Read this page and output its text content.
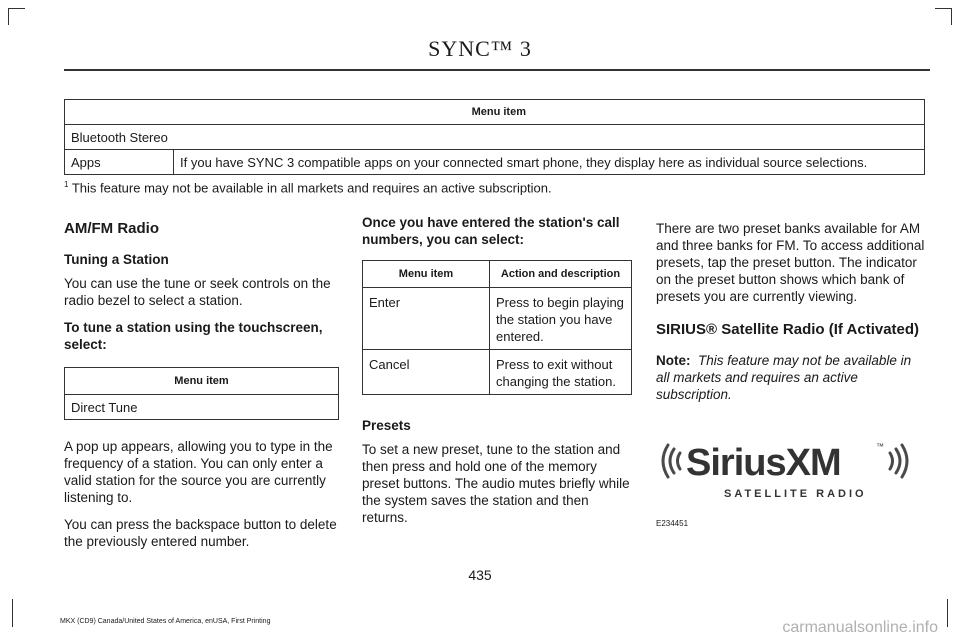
SYNC™ 3
Menu item
Bluetooth Stereo
Apps	If you have SYNC 3 compatible apps on your connected smart phone, they display here as individual source selections.
$^1$ This feature may not be available in all markets and requires an active subscription.
AM/FM Radio
Tuning a Station

You can use the tune or seek controls on the radio bezel to select a station.

To tune a station using the touchscreen, select:

Menu item
Direct Tune

A pop up appears, allowing you to type in the frequency of a station. You can only enter a valid station for the source you are currently listening to.

You can press the backspace button to delete the previously entered number.

Once you have entered the station's call numbers, you can select:

Menu item	Action and description
Enter	Press to begin playing the station you have entered.
Cancel	Press to exit without changing the station.
Presets

To set a new preset, tune to the station and then press and hold one of the memory preset buttons. The audio mutes briefly while the system saves the station and then returns.

There are two preset banks available for AM and three banks for FM. To access additional presets, tap the preset button. The indicator on the preset button shows which bank of presets you are currently viewing.

SIRIUS® Satellite Radio (If Activated)

Note: This feature may not be available in all markets and requires an active subscription.

SiriusXM	™
SATELLITE RADIO
E234451
435
MKX (CD9) Canada/United States of America, enUSA, First Printing	carmanualsonline.info
